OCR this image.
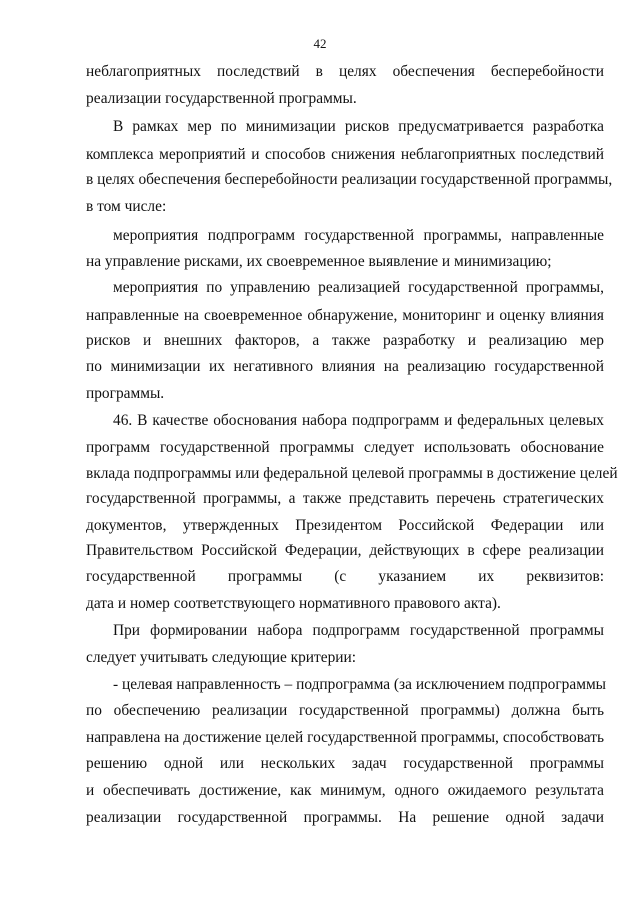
42
неблагоприятных последствий в целях обеспечения бесперебойности
реализации государственной программы.
В рамках мер по минимизации рисков предусматривается разработка
комплекса мероприятий и способов снижения неблагоприятных последствий
в целях обеспечения бесперебойности реализации государственной программы,
в том числе:
мероприятия подпрограмм государственной программы, направленные
на управление рисками, их своевременное выявление и минимизацию;
мероприятия по управлению реализацией государственной программы,
направленные на своевременное обнаружение, мониторинг и оценку влияния
рисков и внешних факторов, а также разработку и реализацию мер
по минимизации их негативного влияния на реализацию государственной
программы.
46. В качестве обоснования набора подпрограмм и федеральных целевых
программ государственной программы следует использовать обоснование
вклада подпрограммы или федеральной целевой программы в достижение целей
государственной программы, а также представить перечень стратегических
документов, утвержденных Президентом Российской Федерации или
Правительством Российской Федерации, действующих в сфере реализации
государственной программы (с указанием их реквизитов:
дата и номер соответствующего нормативного правового акта).
При формировании набора подпрограмм государственной программы
следует учитывать следующие критерии:
- целевая направленность – подпрограмма (за исключением подпрограммы
по обеспечению реализации государственной программы) должна быть
направлена на достижение целей государственной программы, способствовать
решению одной или нескольких задач государственной программы
и обеспечивать достижение, как минимум, одного ожидаемого результата
реализации государственной программы. На решение одной задачи
